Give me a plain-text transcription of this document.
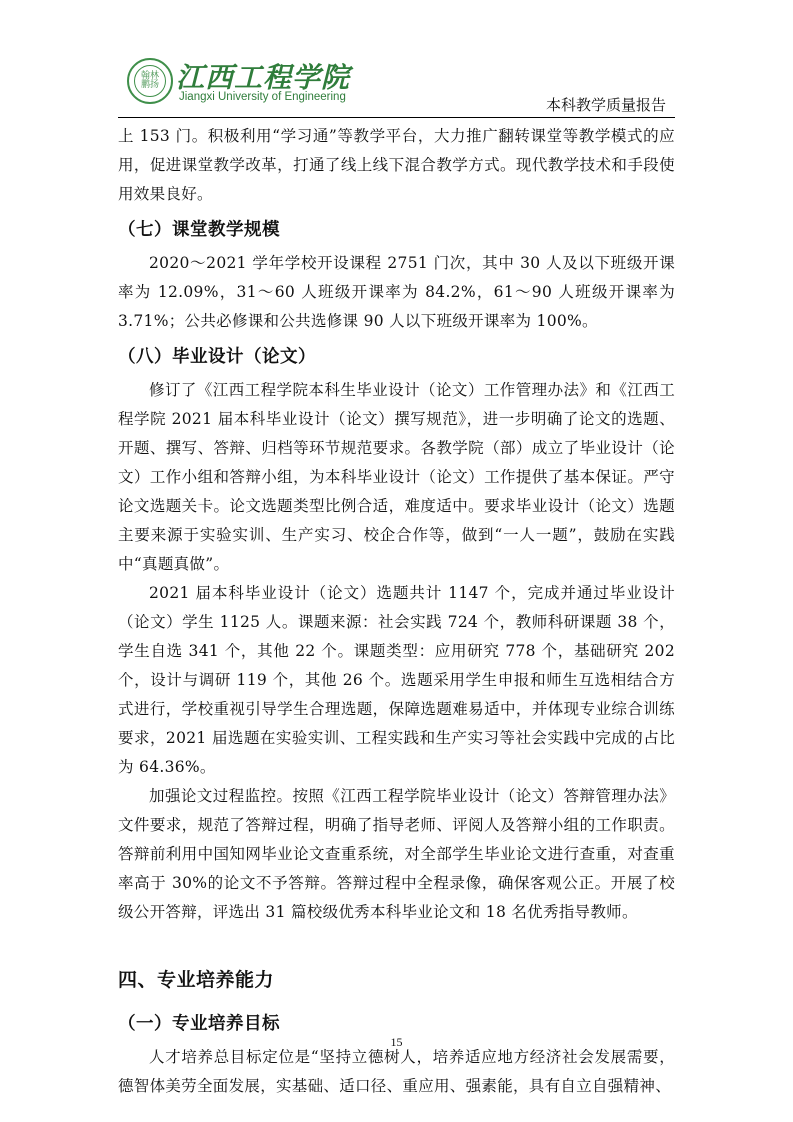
翰林
鹏扬 江西工程学院
Jiangxi University of Engineering	本科教学质量报告

上 153 门。积极利用“学习通”等教学平台，大力推广翻转课堂等教学模式的应用，促进课堂教学改革，打通了线上线下混合教学方式。现代教学技术和手段使用效果良好。

（七）课堂教学规模

2020～2021 学年学校开设课程 2751 门次，其中 30 人及以下班级开课率为 12.09%，31～60 人班级开课率为 84.2%，61～90 人班级开课率为 3.71%；公共必修课和公共选修课 90 人以下班级开课率为 100%。

（八）毕业设计（论文）

修订了《江西工程学院本科生毕业设计（论文）工作管理办法》和《江西工程学院 2021 届本科毕业设计（论文）撰写规范》，进一步明确了论文的选题、开题、撰写、答辩、归档等环节规范要求。各教学院（部）成立了毕业设计（论文）工作小组和答辩小组，为本科毕业设计（论文）工作提供了基本保证。严守论文选题关卡。论文选题类型比例合适，难度适中。要求毕业设计（论文）选题主要来源于实验实训、生产实习、校企合作等，做到“一人一题”，鼓励在实践中“真题真做”。

2021 届本科毕业设计（论文）选题共计 1147 个，完成并通过毕业设计（论文）学生 1125 人。课题来源：社会实践 724 个，教师科研课题 38 个，学生自选 341 个，其他 22 个。课题类型：应用研究 778 个，基础研究 202 个，设计与调研 119 个，其他 26 个。选题采用学生申报和师生互选相结合方式进行，学校重视引导学生合理选题，保障选题难易适中，并体现专业综合训练要求，2021 届选题在实验实训、工程实践和生产实习等社会实践中完成的占比为 64.36%。

加强论文过程监控。按照《江西工程学院毕业设计（论文）答辩管理办法》文件要求，规范了答辩过程，明确了指导老师、评阅人及答辩小组的工作职责。答辩前利用中国知网毕业论文查重系统，对全部学生毕业论文进行查重，对查重率高于 30%的论文不予答辩。答辩过程中全程录像，确保客观公正。开展了校级公开答辩，评选出 31 篇校级优秀本科毕业论文和 18 名优秀指导教师。

四、专业培养能力
（一）专业培养目标

人才培养总目标定位是“坚持立德树人，培养适应地方经济社会发展需要，德智体美劳全面发展，实基础、适口径、重应用、强素能，具有自立自强精神、

15
